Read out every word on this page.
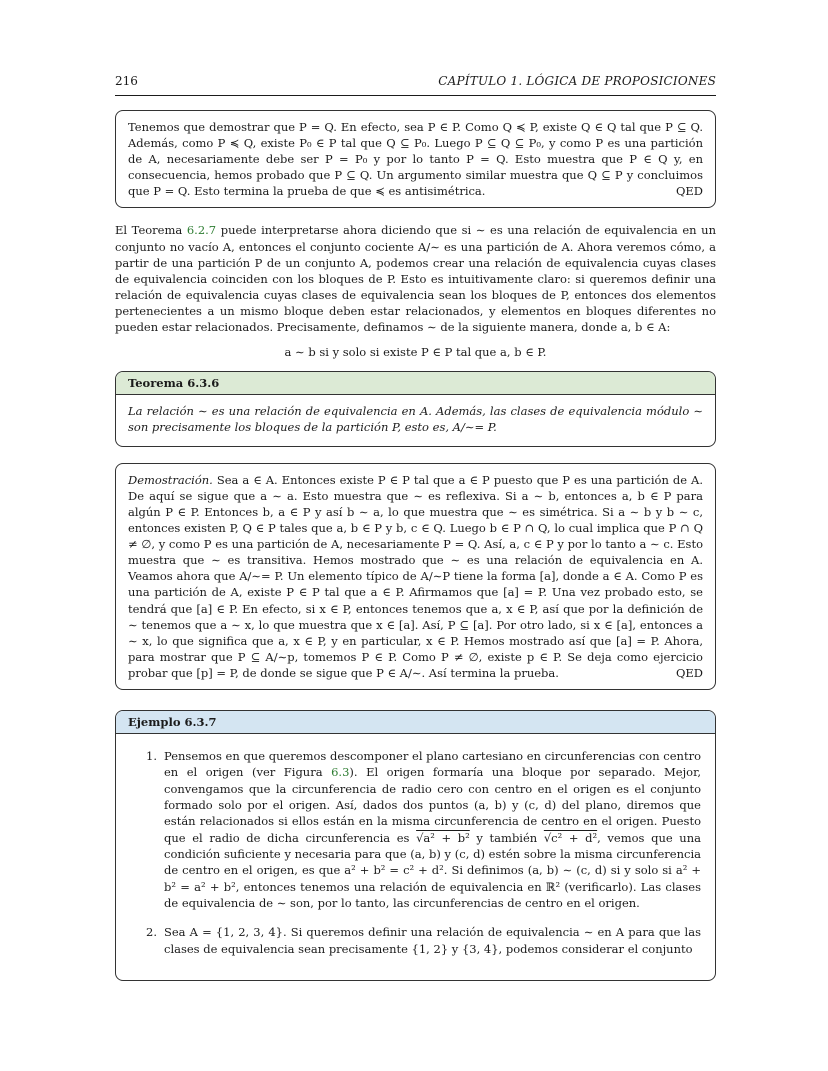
216	CAPÍTULO 1. LÓGICA DE PROPOSICIONES

Tenemos que demostrar que P = Q. En efecto, sea P ∈ P. Como Q ≼ P, existe Q ∈ Q tal que P ⊆ Q. Además, como P ≼ Q, existe P₀ ∈ P tal que Q ⊆ P₀. Luego P ⊆ Q ⊆ P₀, y como P es una partición de A, necesariamente debe ser P = P₀ y por lo tanto P = Q. Esto muestra que P ∈ Q y, en consecuencia, hemos probado que P ⊆ Q. Un argumento similar muestra que Q ⊆ P y concluimos que P = Q. Esto termina la prueba de que ≼ es antisimétrica.	QED

El Teorema 6.2.7 puede interpretarse ahora diciendo que si ∼ es una relación de equivalencia en un conjunto no vacío A, entonces el conjunto cociente A/∼ es una partición de A. Ahora veremos cómo, a partir de una partición P de un conjunto A, podemos crear una relación de equivalencia cuyas clases de equivalencia coinciden con los bloques de P. Esto es intuitivamente claro: si queremos definir una relación de equivalencia cuyas clases de equivalencia sean los bloques de P, entonces dos elementos pertenecientes a un mismo bloque deben estar relacionados, y elementos en bloques diferentes no pueden estar relacionados. Precisamente, definamos ∼ de la siguiente manera, donde a, b ∈ A:

a ∼ b si y solo si existe P ∈ P tal que a, b ∈ P.

Teorema 6.3.6
La relación ∼ es una relación de equivalencia en A. Además, las clases de equivalencia módulo ∼ son precisamente los bloques de la partición P, esto es, A/∼= P.

Demostración. Sea a ∈ A. Entonces existe P ∈ P tal que a ∈ P puesto que P es una partición de A. De aquí se sigue que a ∼ a. Esto muestra que ∼ es reflexiva. Si a ∼ b, entonces a, b ∈ P para algún P ∈ P. Entonces b, a ∈ P y así b ∼ a, lo que muestra que ∼ es simétrica. Si a ∼ b y b ∼ c, entonces existen P, Q ∈ P tales que a, b ∈ P y b, c ∈ Q. Luego b ∈ P ∩ Q, lo cual implica que P ∩ Q ≠ ∅, y como P es una partición de A, necesariamente P = Q. Así, a, c ∈ P y por lo tanto a ∼ c. Esto muestra que ∼ es transitiva. Hemos mostrado que ∼ es una relación de equivalencia en A. Veamos ahora que A/∼= P. Un elemento típico de A/∼P tiene la forma [a], donde a ∈ A. Como P es una partición de A, existe P ∈ P tal que a ∈ P. Afirmamos que [a] = P. Una vez probado esto, se tendrá que [a] ∈ P. En efecto, si x ∈ P, entonces tenemos que a, x ∈ P, así que por la definición de ∼ tenemos que a ∼ x, lo que muestra que x ∈ [a]. Así, P ⊆ [a]. Por otro lado, si x ∈ [a], entonces a ∼ x, lo que significa que a, x ∈ P, y en particular, x ∈ P. Hemos mostrado así que [a] = P. Ahora, para mostrar que P ⊆ A/∼p, tomemos P ∈ P. Como P ≠ ∅, existe p ∈ P. Se deja como ejercicio probar que [p] = P, de donde se sigue que P ∈ A/∼. Así termina la prueba.	QED

Ejemplo 6.3.7
1. Pensemos en que queremos descomponer el plano cartesiano en circunferencias con centro en el origen (ver Figura 6.3). El origen formaría una bloque por separado. Mejor, convengamos que la circunferencia de radio cero con centro en el origen es el conjunto formado solo por el origen. Así, dados dos puntos (a, b) y (c, d) del plano, diremos que están relacionados si ellos están en la misma circunferencia de centro en el origen. Puesto que el radio de dicha circunferencia es √a² + b² y también √c² + d², vemos que una condición suficiente y necesaria para que (a, b) y (c, d) estén sobre la misma circunferencia de centro en el origen, es que a² + b² = c² + d². Si definimos (a, b) ∼ (c, d) si y solo si a² + b² = a² + b², entonces tenemos una relación de equivalencia en ℝ² (verificarlo). Las clases de equivalencia de ∼ son, por lo tanto, las circunferencias de centro en el origen.
2. Sea A = {1, 2, 3, 4}. Si queremos definir una relación de equivalencia ∼ en A para que las clases de equivalencia sean precisamente {1, 2} y {3, 4}, podemos considerar el conjunto
